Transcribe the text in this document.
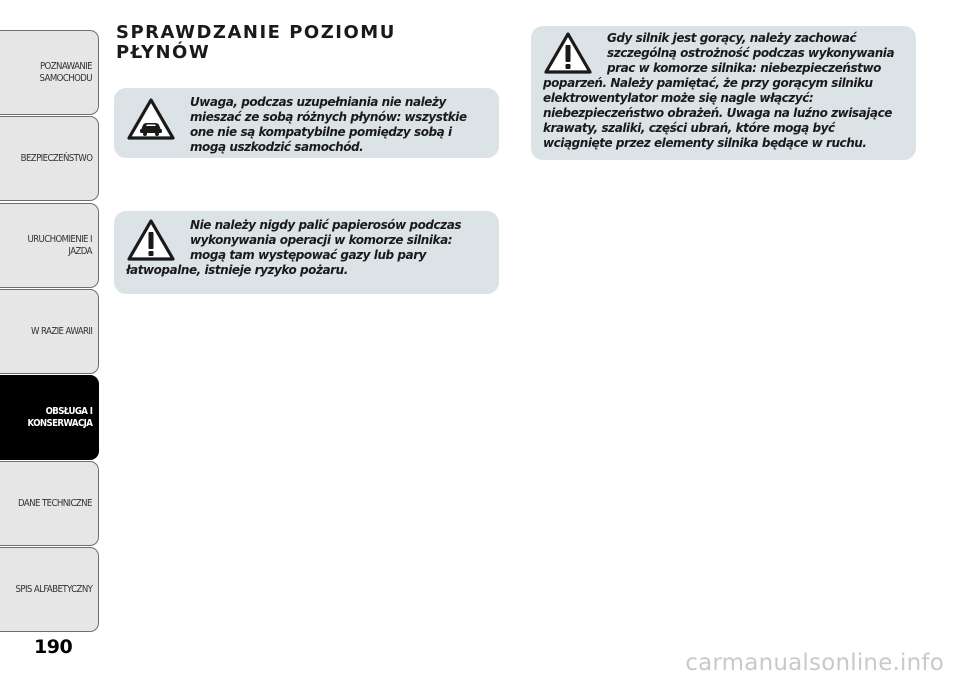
POZNAWANIE
SAMOCHODU
BEZPIECZEŃSTWO
URUCHOMIENIE I
JAZDA
W RAZIE AWARII
OBSŁUGA I
KONSERWACJA
DANE TECHNICZNE
SPIS ALFABETYCZNY
190
SPRAWDZANIE POZIOMU
PŁYNÓW
Uwaga, podczas uzupełniania nie należy mieszać ze sobą różnych płynów: wszystkie one nie są kompatybilne pomiędzy sobą i mogą uszkodzić samochód.
Nie należy nigdy palić papierosów podczas wykonywania operacji w komorze silnika: mogą tam występować gazy lub pary łatwopalne, istnieje ryzyko pożaru.
Gdy silnik jest gorący, należy zachować szczególną ostrożność podczas wykonywania prac w komorze silnika: niebezpieczeństwo poparzeń. Należy pamiętać, że przy gorącym silniku elektrowentylator może się nagle włączyć: niebezpieczeństwo obrażeń. Uwaga na luźno zwisające krawaty, szaliki, części ubrań, które mogą być wciągnięte przez elementy silnika będące w ruchu.
carmanualsonline.info
